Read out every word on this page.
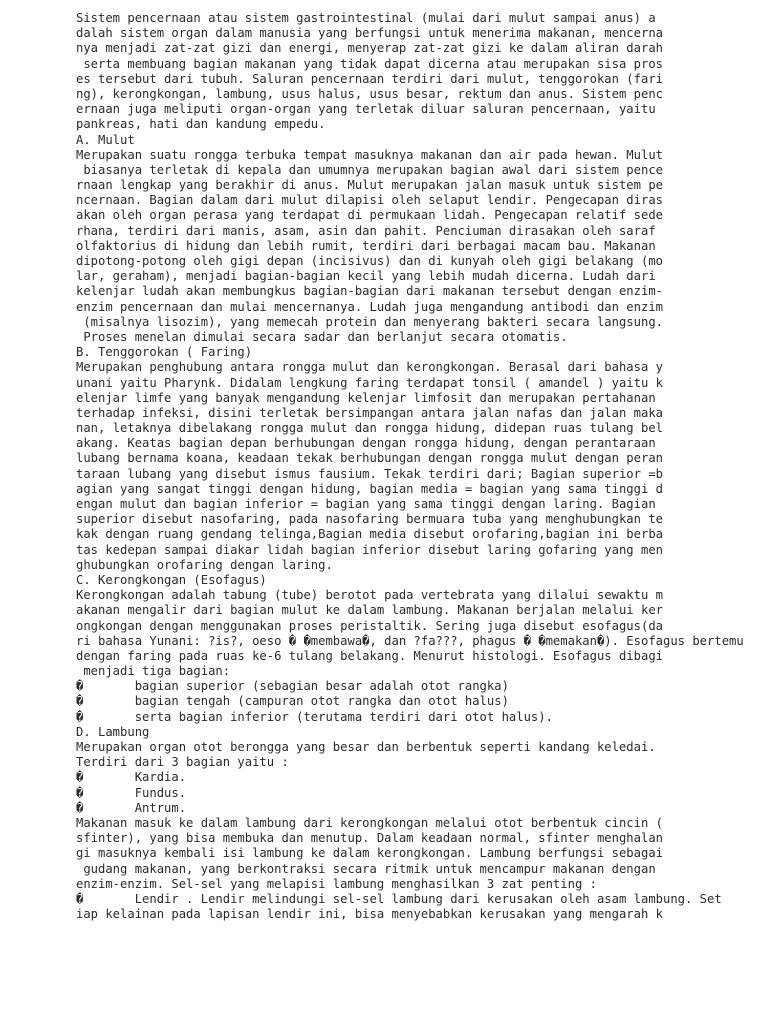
Sistem pencernaan atau sistem gastrointestinal (mulai dari mulut sampai anus) a
dalah sistem organ dalam manusia yang berfungsi untuk menerima makanan, mencerna
nya menjadi zat-zat gizi dan energi, menyerap zat-zat gizi ke dalam aliran darah
serta membuang bagian makanan yang tidak dapat dicerna atau merupakan sisa pros
es tersebut dari tubuh. Saluran pencernaan terdiri dari mulut, tenggorokan (fari
ng), kerongkongan, lambung, usus halus, usus besar, rektum dan anus. Sistem penc
ernaan juga meliputi organ-organ yang terletak diluar saluran pencernaan, yaitu
pankreas, hati dan kandung empedu.
A. Mulut
Merupakan suatu rongga terbuka tempat masuknya makanan dan air pada hewan. Mulut
biasanya terletak di kepala dan umumnya merupakan bagian awal dari sistem pence
rnaan lengkap yang berakhir di anus. Mulut merupakan jalan masuk untuk sistem pe
ncernaan. Bagian dalam dari mulut dilapisi oleh selaput lendir. Pengecapan diras
akan oleh organ perasa yang terdapat di permukaan lidah. Pengecapan relatif sede
rhana, terdiri dari manis, asam, asin dan pahit. Penciuman dirasakan oleh saraf
olfaktorius di hidung dan lebih rumit, terdiri dari berbagai macam bau. Makanan
dipotong-potong oleh gigi depan (incisivus) dan di kunyah oleh gigi belakang (mo
lar, geraham), menjadi bagian-bagian kecil yang lebih mudah dicerna. Ludah dari
kelenjar ludah akan membungkus bagian-bagian dari makanan tersebut dengan enzim-
enzim pencernaan dan mulai mencernanya. Ludah juga mengandung antibodi dan enzim
(misalnya lisozim), yang memecah protein dan menyerang bakteri secara langsung.
Proses menelan dimulai secara sadar dan berlanjut secara otomatis.
B. Tenggorokan ( Faring)
Merupakan penghubung antara rongga mulut dan kerongkongan. Berasal dari bahasa y
unani yaitu Pharynk. Didalam lengkung faring terdapat tonsil ( amandel ) yaitu k
elenjar limfe yang banyak mengandung kelenjar limfosit dan merupakan pertahanan
terhadap infeksi, disini terletak bersimpangan antara jalan nafas dan jalan maka
nan, letaknya dibelakang rongga mulut dan rongga hidung, didepan ruas tulang bel
akang. Keatas bagian depan berhubungan dengan rongga hidung, dengan perantaraan
lubang bernama koana, keadaan tekak berhubungan dengan rongga mulut dengan peran
taraan lubang yang disebut ismus fausium. Tekak terdiri dari; Bagian superior =b
agian yang sangat tinggi dengan hidung, bagian media = bagian yang sama tinggi d
engan mulut dan bagian inferior = bagian yang sama tinggi dengan laring. Bagian
superior disebut nasofaring, pada nasofaring bermuara tuba yang menghubungkan te
kak dengan ruang gendang telinga,Bagian media disebut orofaring,bagian ini berba
tas kedepan sampai diakar lidah bagian inferior disebut laring gofaring yang men
ghubungkan orofaring dengan laring.
C. Kerongkongan (Esofagus)
Kerongkongan adalah tabung (tube) berotot pada vertebrata yang dilalui sewaktu m
akanan mengalir dari bagian mulut ke dalam lambung. Makanan berjalan melalui ker
ongkongan dengan menggunakan proses peristaltik. Sering juga disebut esofagus(da
ri bahasa Yunani: ?is?, oeso � �membawa�, dan ?fa???, phagus � �memakan�). Esofagus bertemu
dengan faring pada ruas ke-6 tulang belakang. Menurut histologi. Esofagus dibagi
menjadi tiga bagian:
�       bagian superior (sebagian besar adalah otot rangka)
�       bagian tengah (campuran otot rangka dan otot halus)
�       serta bagian inferior (terutama terdiri dari otot halus).
D. Lambung
Merupakan organ otot berongga yang besar dan berbentuk seperti kandang keledai.
Terdiri dari 3 bagian yaitu :
�       Kardia.
�       Fundus.
�       Antrum.
Makanan masuk ke dalam lambung dari kerongkongan melalui otot berbentuk cincin (
sfinter), yang bisa membuka dan menutup. Dalam keadaan normal, sfinter menghalan
gi masuknya kembali isi lambung ke dalam kerongkongan. Lambung berfungsi sebagai
gudang makanan, yang berkontraksi secara ritmik untuk mencampur makanan dengan
enzim-enzim. Sel-sel yang melapisi lambung menghasilkan 3 zat penting :
�       Lendir . Lendir melindungi sel-sel lambung dari kerusakan oleh asam lambung. Set
iap kelainan pada lapisan lendir ini, bisa menyebabkan kerusakan yang mengarah k
